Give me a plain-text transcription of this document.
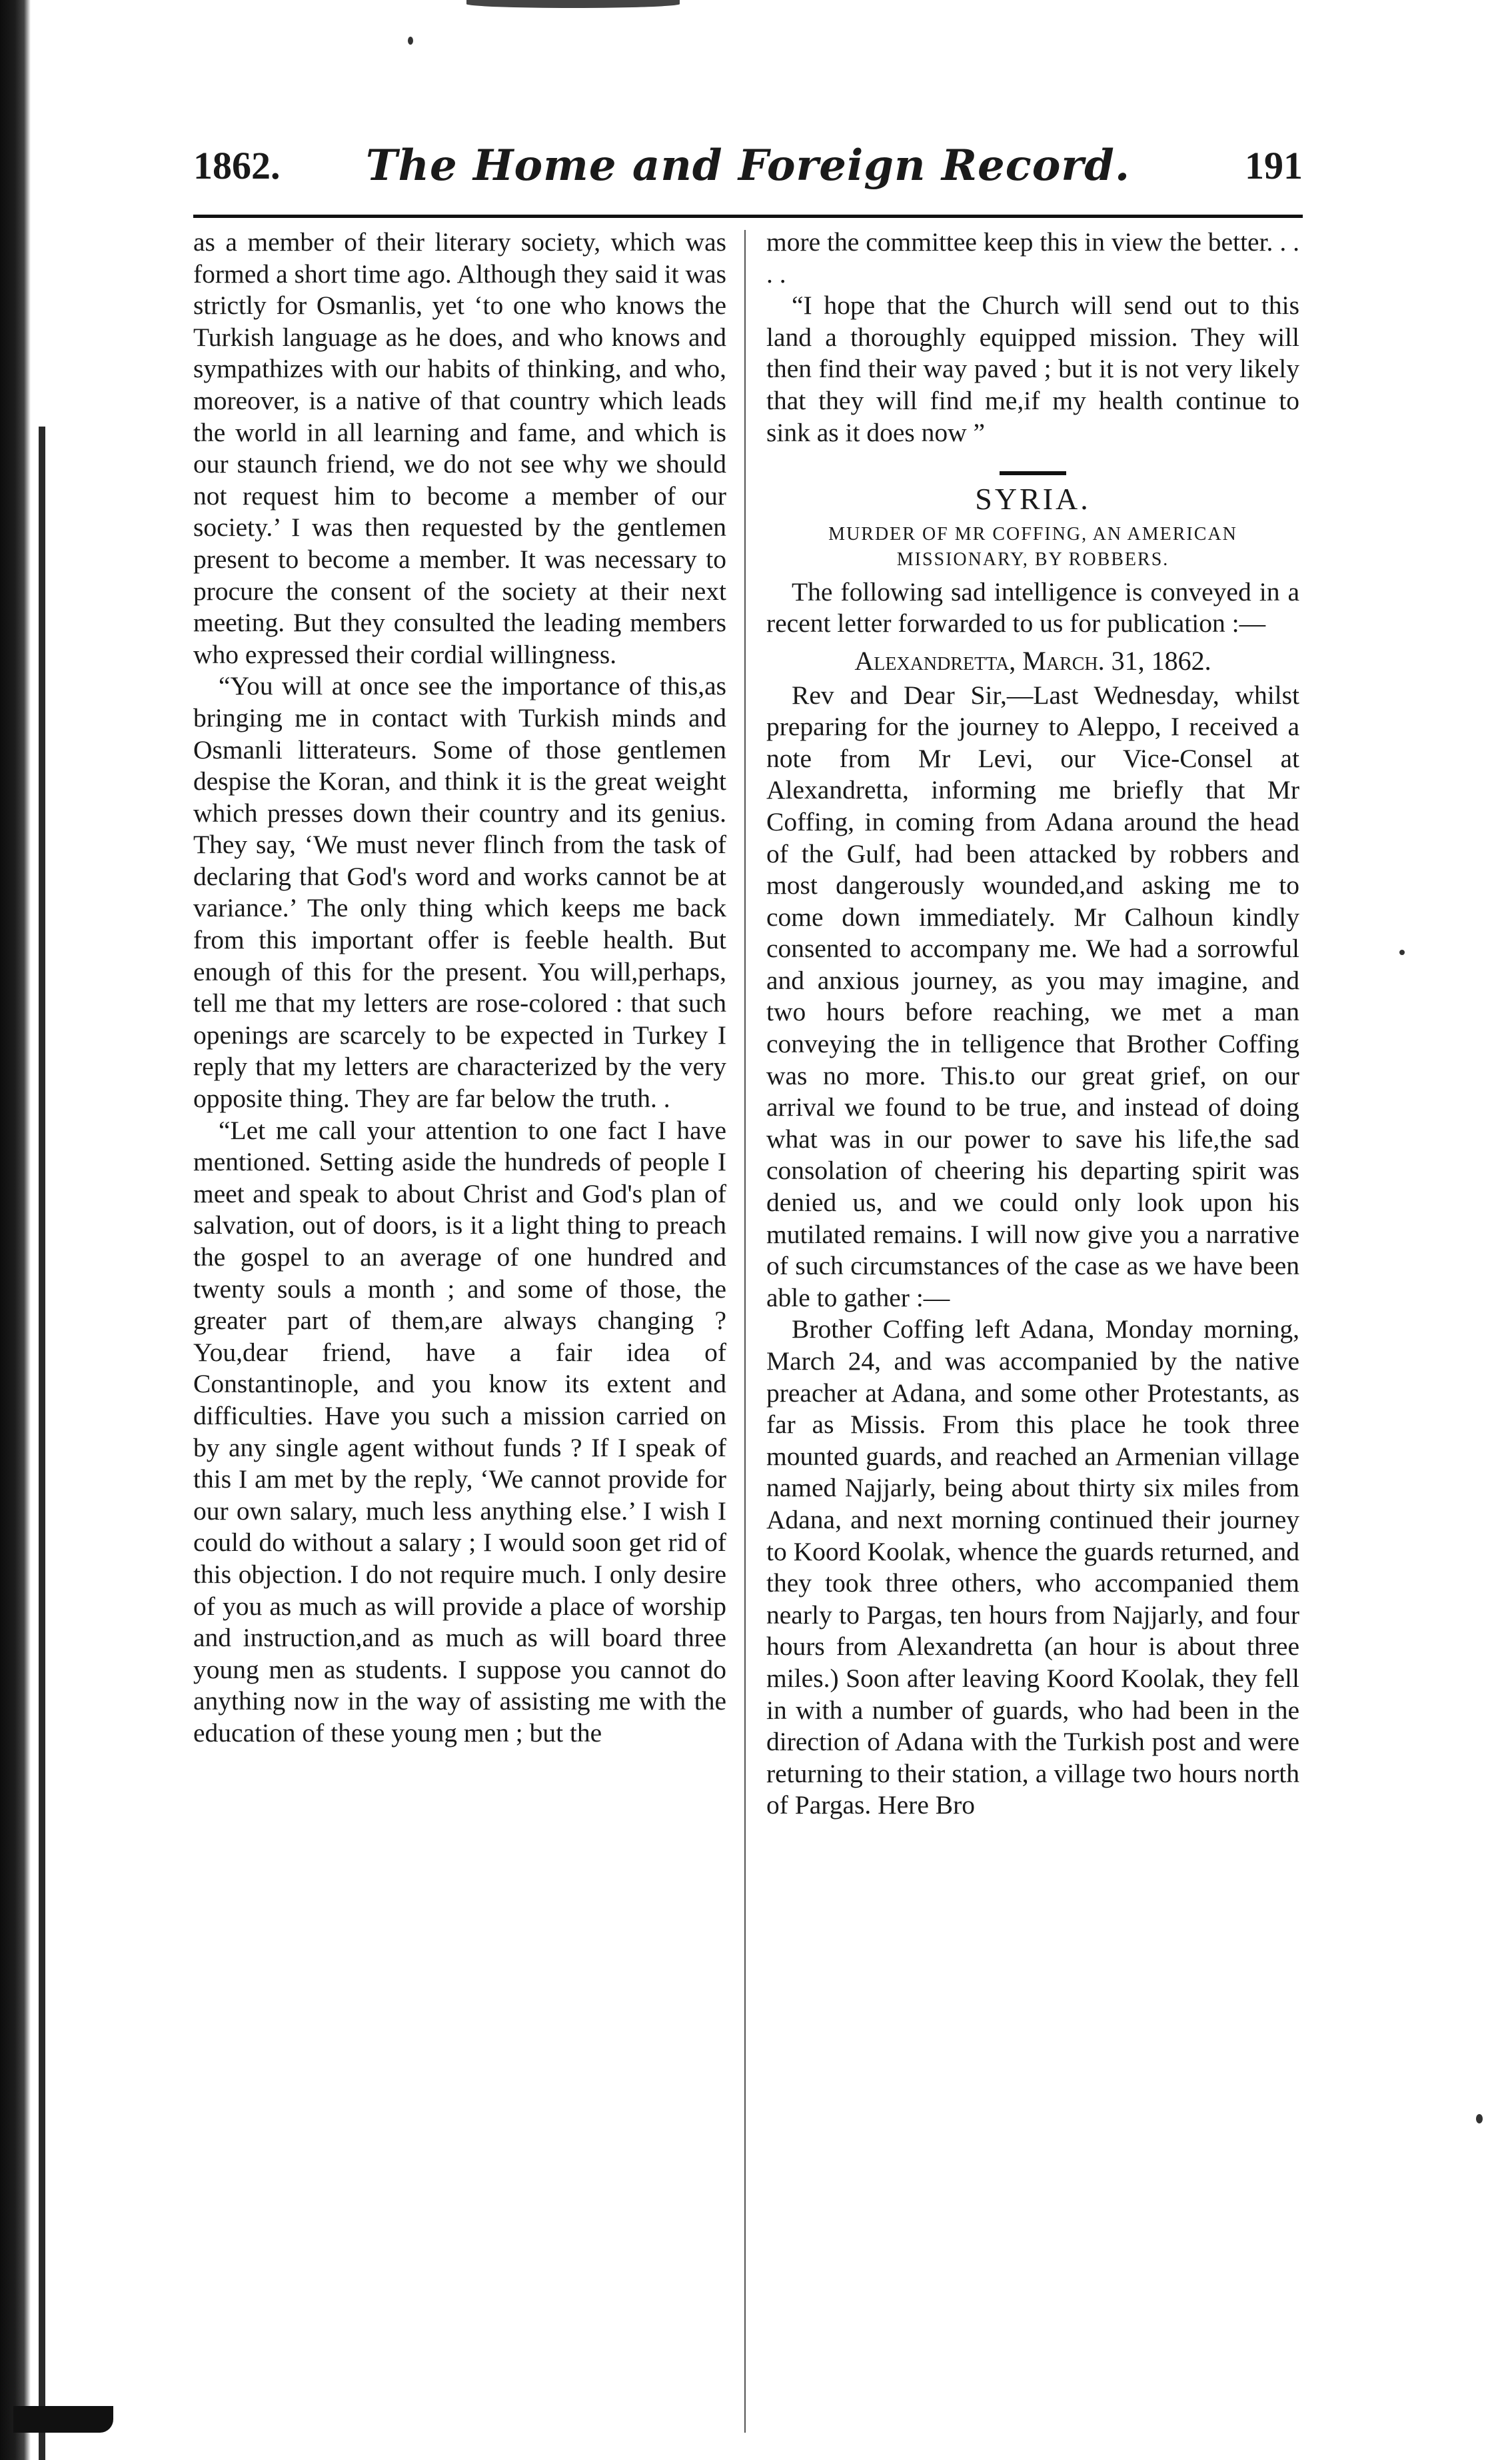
1862.	The Home and Foreign Record.	191

as a member of their literary society, which was formed a short time ago. Although they said it was strictly for Osmanlis, yet ‘to one who knows the Turkish language as he does, and who knows and sympathizes with our habits of thinking, and who, moreover, is a native of that country which leads the world in all learning and fame, and which is our staunch friend, we do not see why we should not request him to become a member of our society.’ I was then requested by the gentlemen present to become a member. It was necessary to procure the consent of the society at their next meeting. But they consulted the leading members who expressed their cordial willingness.

“You will at once see the importance of this,as bringing me in contact with Turkish minds and Osmanli litterateurs. Some of those gentlemen despise the Koran, and think it is the great weight which presses down their country and its genius. They say, ‘We must never flinch from the task of declaring that God's word and works cannot be at variance.’ The only thing which keeps me back from this important offer is feeble health. But enough of this for the present. You will,perhaps, tell me that my letters are rose-colored : that such openings are scarcely to be expected in Turkey I reply that my letters are characterized by the very opposite thing. They are far below the truth. .

“Let me call your attention to one fact I have mentioned. Setting aside the hundreds of people I meet and speak to about Christ and God's plan of salvation, out of doors, is it a light thing to preach the gospel to an average of one hundred and twenty souls a month ; and some of those, the greater part of them,are always changing ? You,dear friend, have a fair idea of Constantinople, and you know its extent and difficulties. Have you such a mission carried on by any single agent without funds ? If I speak of this I am met by the reply, ‘We cannot provide for our own salary, much less anything else.’ I wish I could do without a salary ; I would soon get rid of this objection. I do not require much. I only desire of you as much as will provide a place of worship and instruction,and as much as will board three young men as students. I suppose you cannot do anything now in the way of assisting me with the education of these young men ; but the

more the committee keep this in view the better. . . . .

“I hope that the Church will send out to this land a thoroughly equipped mission. They will then find their way paved ; but it is not very likely that they will find me,if my health continue to sink as it does now ”

SYRIA.
MURDER OF MR COFFING, AN AMERICAN MISSIONARY, BY ROBBERS.

The following sad intelligence is conveyed in a recent letter forwarded to us for publication :—

Alexandretta, March. 31, 1862.

Rev and Dear Sir,—Last Wednesday, whilst preparing for the journey to Aleppo, I received a note from Mr Levi, our Vice-Consel at Alexandretta, informing me briefly that Mr Coffing, in coming from Adana around the head of the Gulf, had been attacked by robbers and most dangerously wounded,and asking me to come down immediately. Mr Calhoun kindly consented to accompany me. We had a sorrowful and anxious journey, as you may imagine, and two hours before reaching, we met a man conveying the in telligence that Brother Coffing was no more. This.to our great grief, on our arrival we found to be true, and instead of doing what was in our power to save his life,the sad consolation of cheering his departing spirit was denied us, and we could only look upon his mutilated remains. I will now give you a narrative of such circumstances of the case as we have been able to gather :—

Brother Coffing left Adana, Monday morning, March 24, and was accompanied by the native preacher at Adana, and some other Protestants, as far as Missis. From this place he took three mounted guards, and reached an Armenian village named Najjarly, being about thirty six miles from Adana, and next morning continued their journey to Koord Koolak, whence the guards returned, and they took three others, who accompanied them nearly to Pargas, ten hours from Najjarly, and four hours from Alexandretta (an hour is about three miles.) Soon after leaving Koord Koolak, they fell in with a number of guards, who had been in the direction of Adana with the Turkish post and were returning to their station, a village two hours north of Pargas. Here Bro
